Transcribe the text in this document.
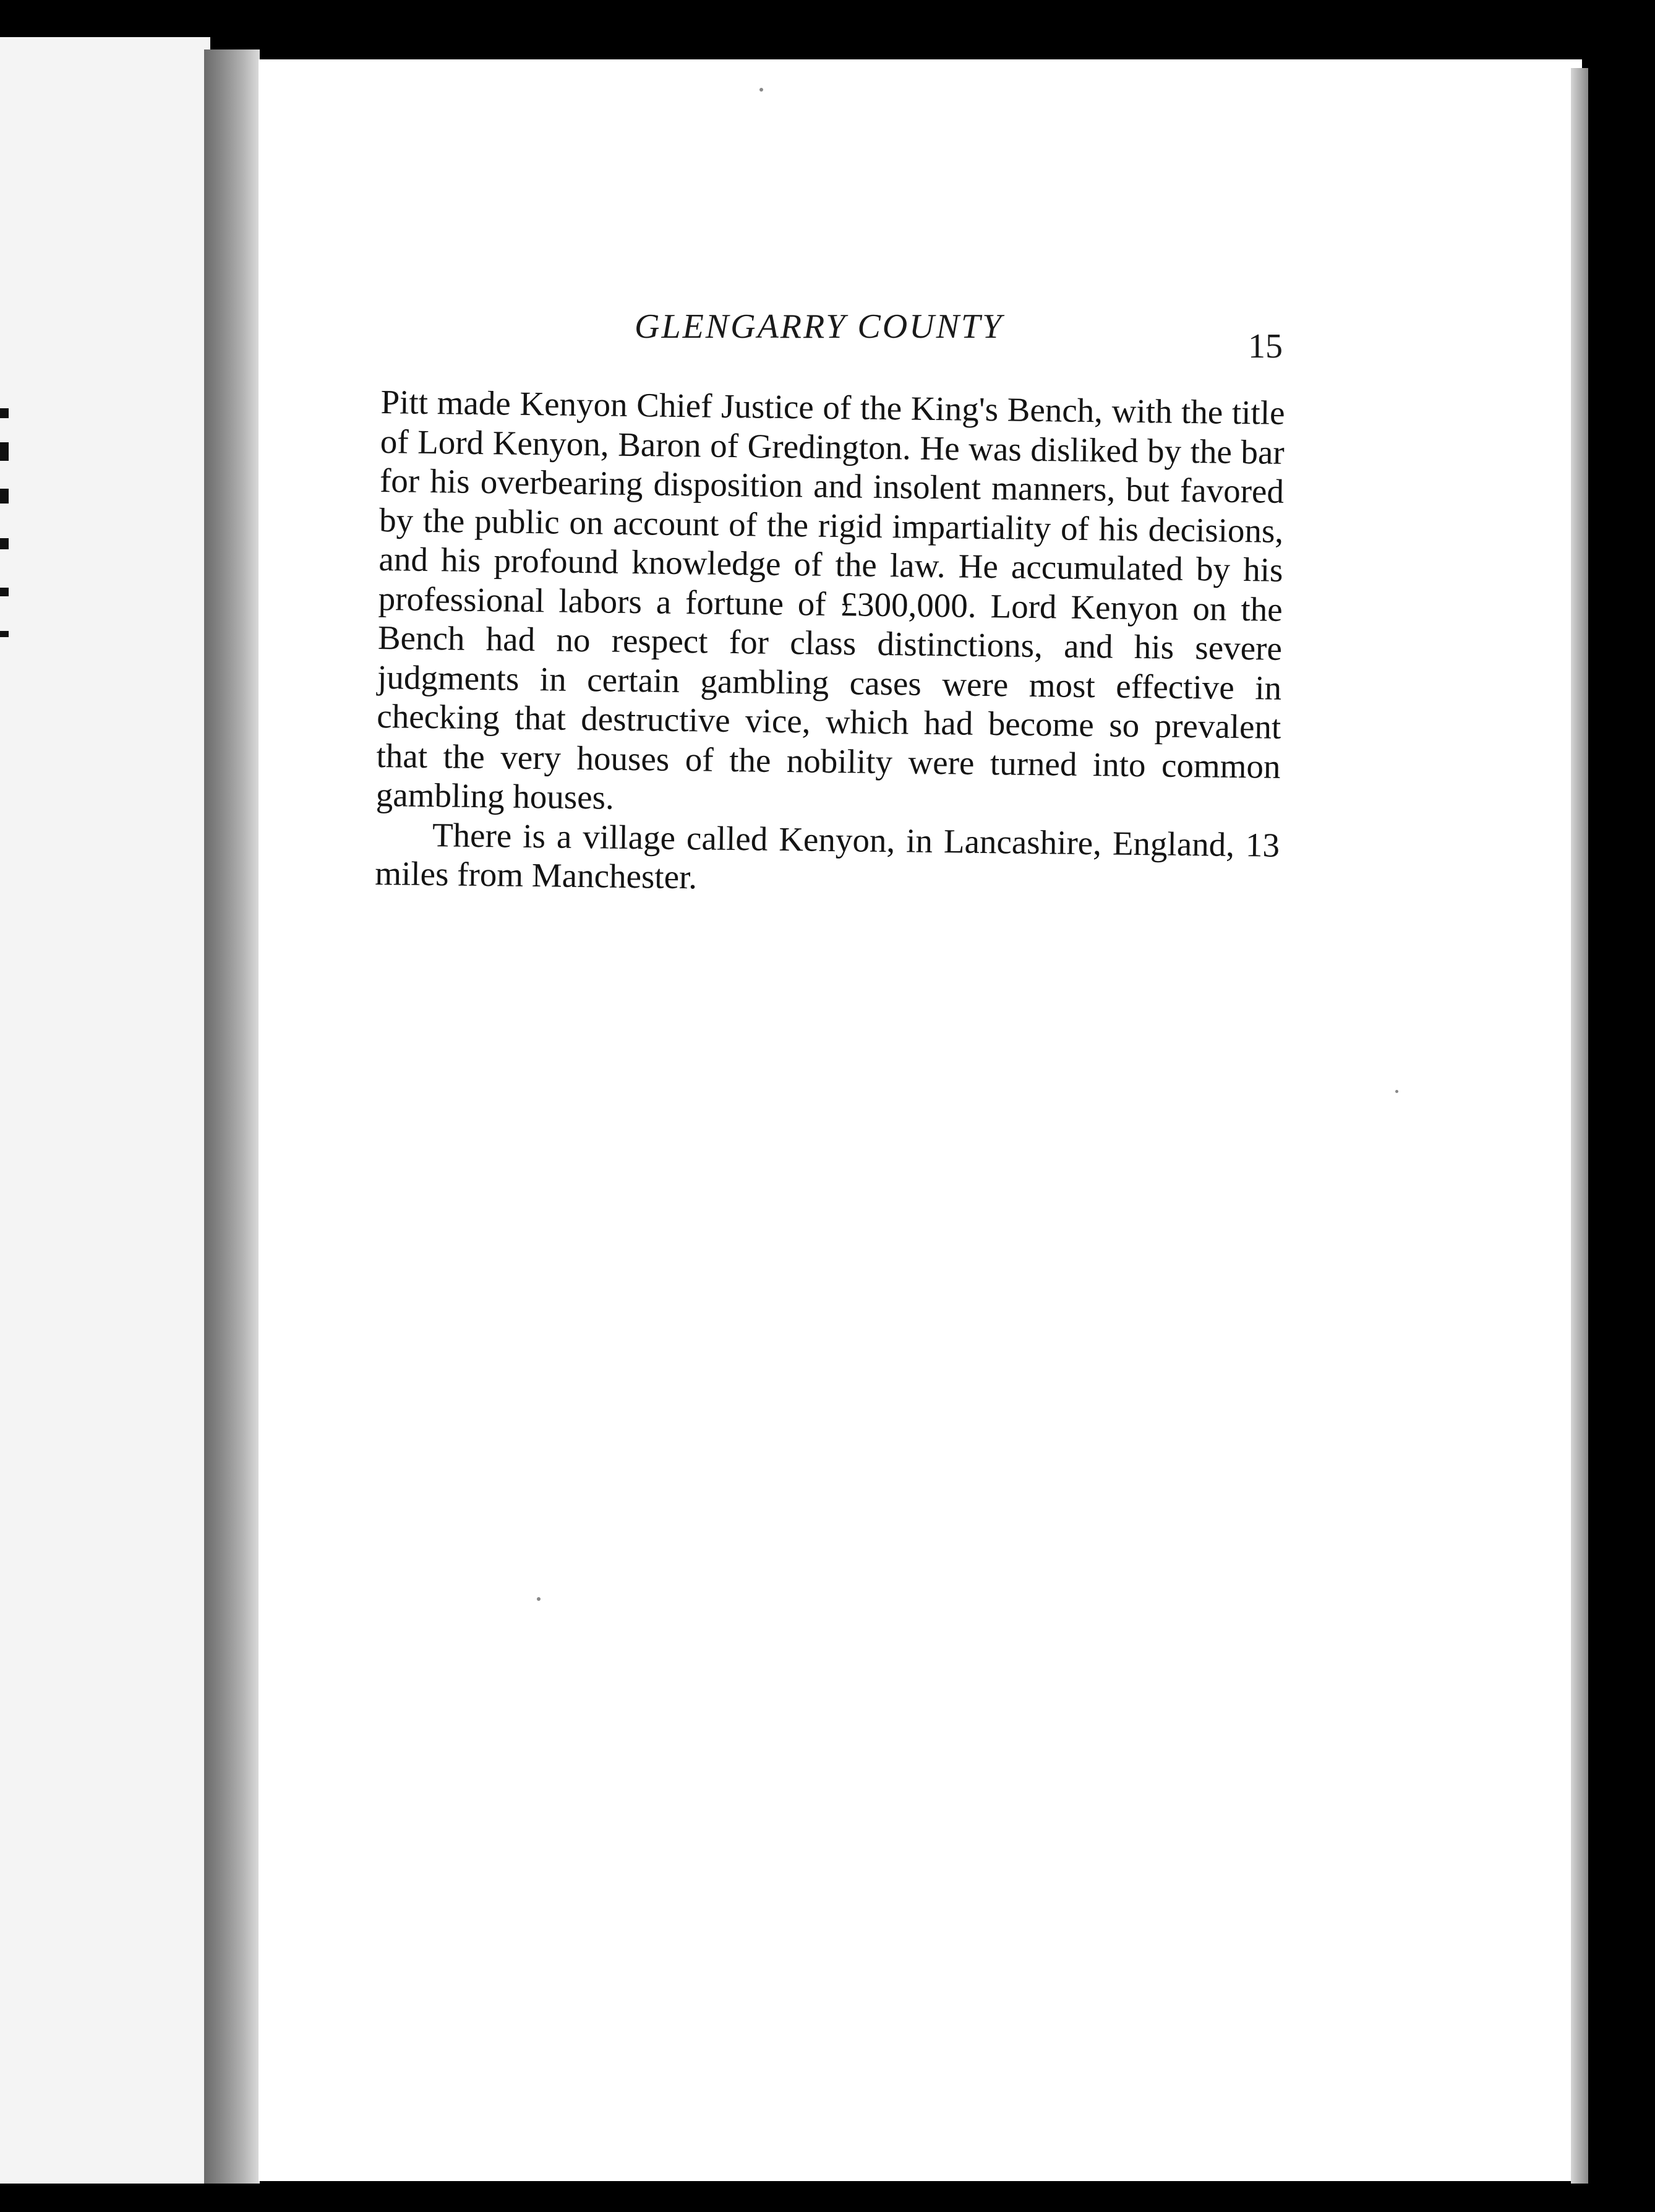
GLENGARRY COUNTY
15

Pitt made Kenyon Chief Justice of the King's Bench, with the title of Lord Kenyon, Baron of Gredington. He was disliked by the bar for his overbearing disposition and insolent manners, but favored by the public on account of the rigid impartiality of his decisions, and his profound knowledge of the law. He accumulated by his professional labors a fortune of £300,000. Lord Kenyon on the Bench had no respect for class distinctions, and his severe judgments in certain gambling cases were most effective in checking that destructive vice, which had become so prevalent that the very houses of the nobility were turned into common gambling houses.

There is a village called Kenyon, in Lancashire, England, 13 miles from Manchester.
